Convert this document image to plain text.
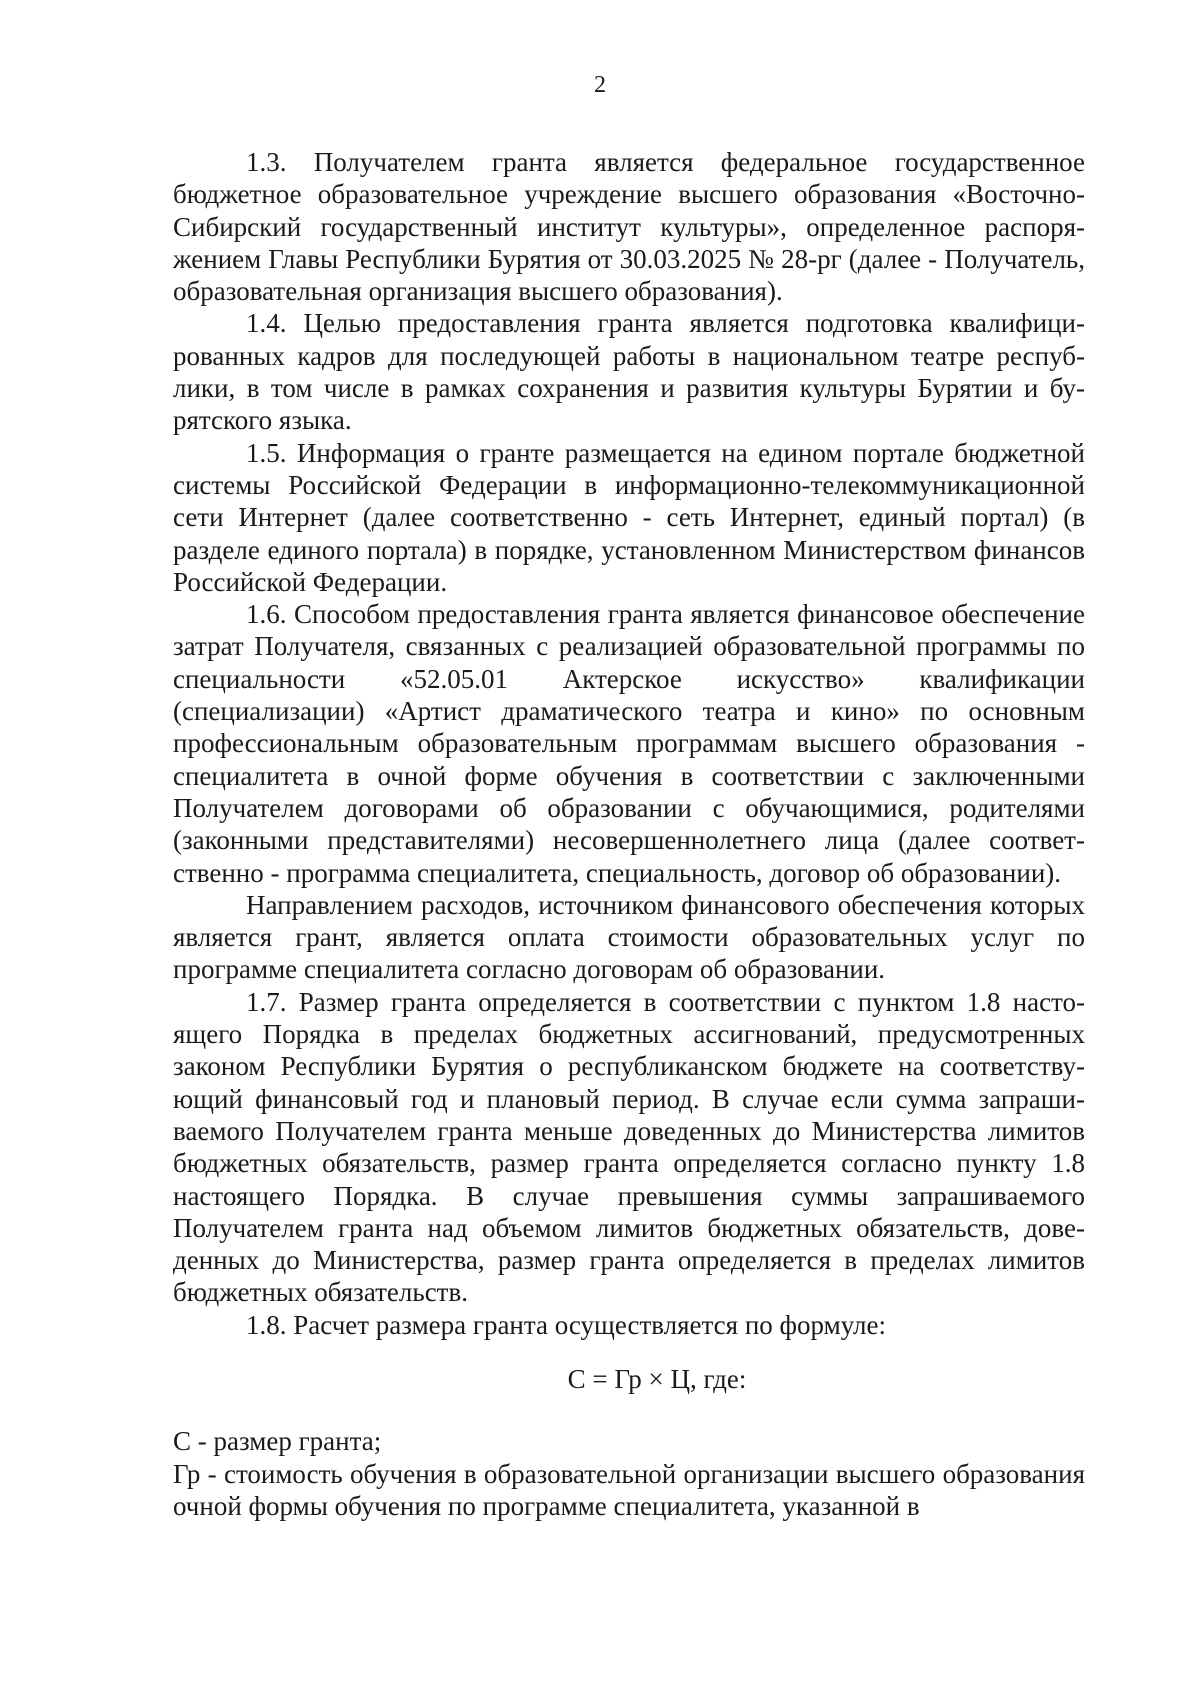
2

1.3. Получателем гранта является федеральное государственное бюджетное образовательное учреждение высшего образования «Восточно-Сибирский государственный институт культуры», определенное распоряжением Главы Республики Бурятия от 30.03.2025 № 28-рг (далее - Получатель, образовательная организация высшего образования).

1.4. Целью предоставления гранта является подготовка квалифицированных кадров для последующей работы в национальном театре республики, в том числе в рамках сохранения и развития культуры Бурятии и бурятского языка.

1.5. Информация о гранте размещается на едином портале бюджетной системы Российской Федерации в информационно-телекоммуникационной сети Интернет (далее соответственно - сеть Интернет, единый портал) (в разделе единого портала) в порядке, установленном Министерством финансов Российской Федерации.

1.6. Способом предоставления гранта является финансовое обеспечение затрат Получателя, связанных с реализацией образовательной программы по специальности «52.05.01 Актерское искусство» квалификации (специализации) «Артист драматического театра и кино» по основным профессиональным образовательным программам высшего образования - специалитета в очной форме обучения в соответствии с заключенными Получателем договорами об образовании с обучающимися, родителями (законными представителями) несовершеннолетнего лица (далее соответственно - программа специалитета, специальность, договор об образовании).

Направлением расходов, источником финансового обеспечения которых является грант, является оплата стоимости образовательных услуг по программе специалитета согласно договорам об образовании.

1.7. Размер гранта определяется в соответствии с пунктом 1.8 настоящего Порядка в пределах бюджетных ассигнований, предусмотренных законом Республики Бурятия о республиканском бюджете на соответствующий финансовый год и плановый период. В случае если сумма запрашиваемого Получателем гранта меньше доведенных до Министерства лимитов бюджетных обязательств, размер гранта определяется согласно пункту 1.8 настоящего Порядка. В случае превышения суммы запрашиваемого Получателем гранта над объемом лимитов бюджетных обязательств, доведенных до Министерства, размер гранта определяется в пределах лимитов бюджетных обязательств.

1.8. Расчет размера гранта осуществляется по формуле:

С = Гр × Ц, где:

С - размер гранта;

Гр - стоимость обучения в образовательной организации высшего образования очной формы обучения по программе специалитета, указанной в
